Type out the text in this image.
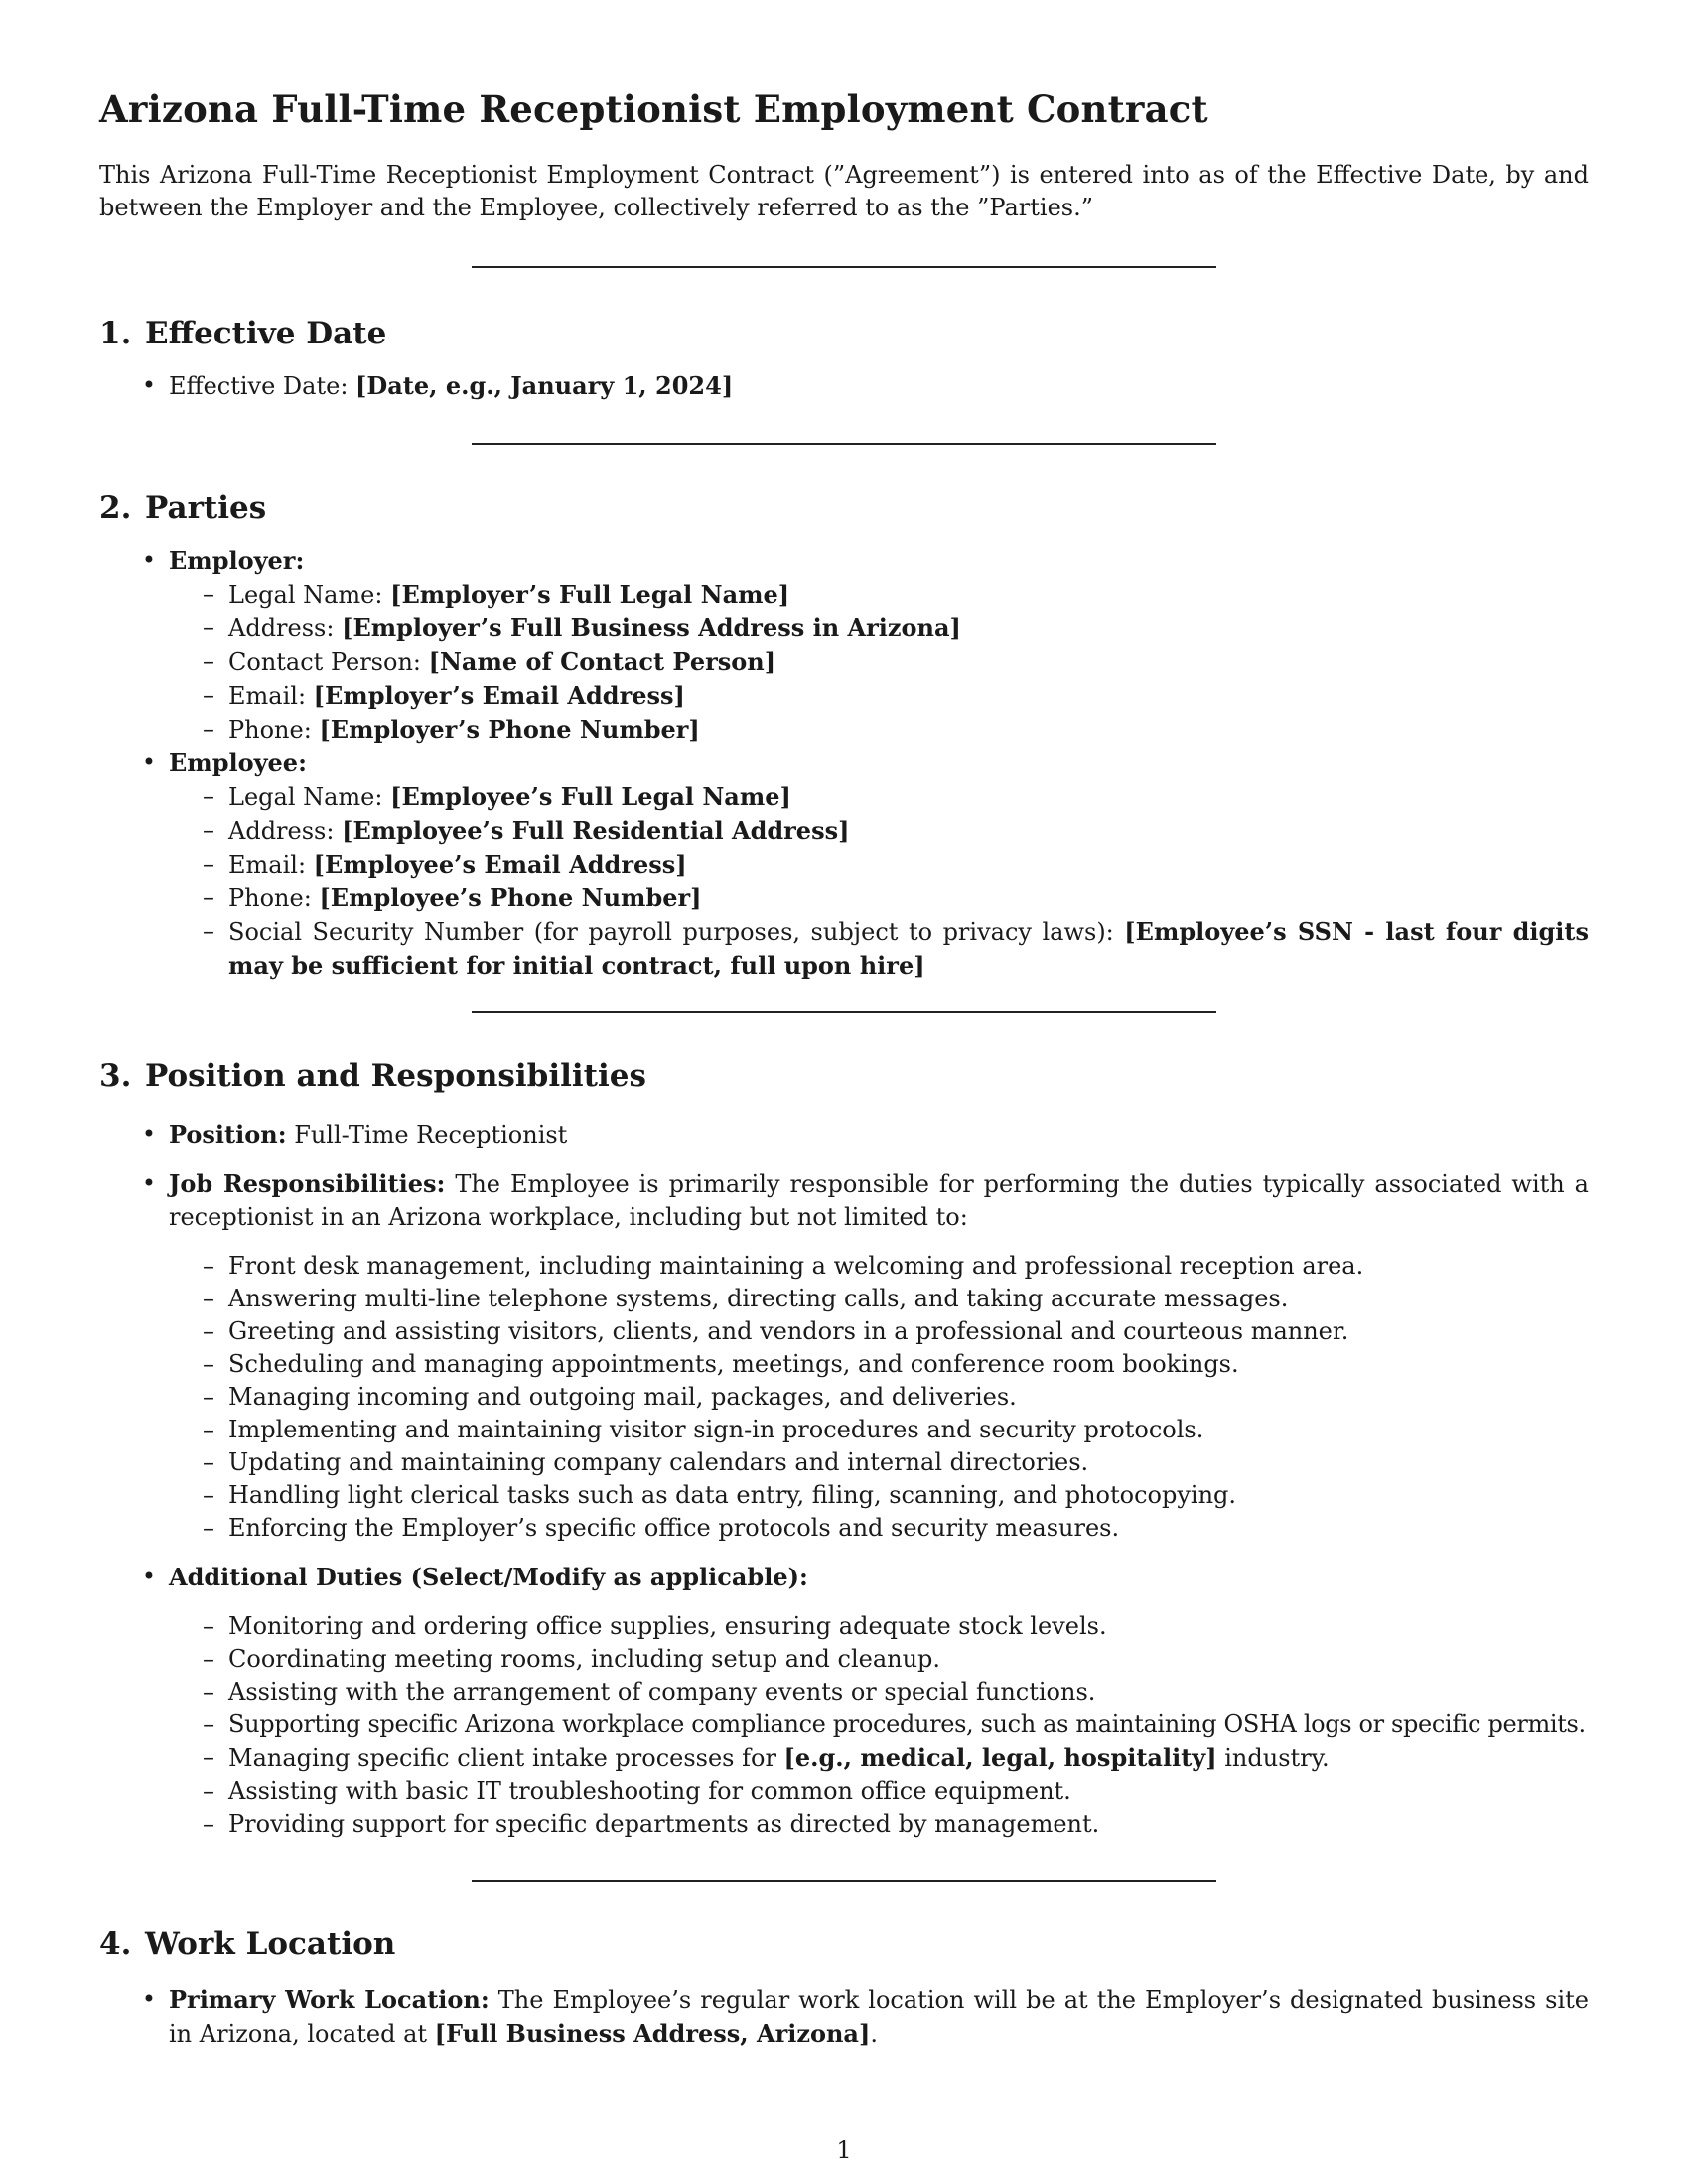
Arizona Full-Time Receptionist Employment Contract

This Arizona Full-Time Receptionist Employment Contract (”Agreement”) is entered into as of the Effective Date, by and between the Employer and the Employee, collectively referred to as the ”Parties.”

1. Effective Date
• Effective Date: [Date, e.g., January 1, 2024]
2. Parties
• Employer:
– Legal Name: [Employer’s Full Legal Name]
– Address: [Employer’s Full Business Address in Arizona]
– Contact Person: [Name of Contact Person]
– Email: [Employer’s Email Address]
– Phone: [Employer’s Phone Number]
• Employee:
– Legal Name: [Employee’s Full Legal Name]
– Address: [Employee’s Full Residential Address]
– Email: [Employee’s Email Address]
– Phone: [Employee’s Phone Number]
– Social Security Number (for payroll purposes, subject to privacy laws): [Employee’s SSN - last four digits may be sufficient for initial contract, full upon hire]
3. Position and Responsibilities
• Position: Full-Time Receptionist
• Job Responsibilities: The Employee is primarily responsible for performing the duties typically associated with a receptionist in an Arizona workplace, including but not limited to:
– Front desk management, including maintaining a welcoming and professional reception area.
– Answering multi-line telephone systems, directing calls, and taking accurate messages.
– Greeting and assisting visitors, clients, and vendors in a professional and courteous manner.
– Scheduling and managing appointments, meetings, and conference room bookings.
– Managing incoming and outgoing mail, packages, and deliveries.
– Implementing and maintaining visitor sign-in procedures and security protocols.
– Updating and maintaining company calendars and internal directories.
– Handling light clerical tasks such as data entry, filing, scanning, and photocopying.
– Enforcing the Employer’s specific office protocols and security measures.
• Additional Duties (Select/Modify as applicable):
– Monitoring and ordering office supplies, ensuring adequate stock levels.
– Coordinating meeting rooms, including setup and cleanup.
– Assisting with the arrangement of company events or special functions.
– Supporting specific Arizona workplace compliance procedures, such as maintaining OSHA logs or specific permits.
– Managing specific client intake processes for [e.g., medical, legal, hospitality] industry.
– Assisting with basic IT troubleshooting for common office equipment.
– Providing support for specific departments as directed by management.
4. Work Location
• Primary Work Location: The Employee’s regular work location will be at the Employer’s designated business site in Arizona, located at [Full Business Address, Arizona].
1
